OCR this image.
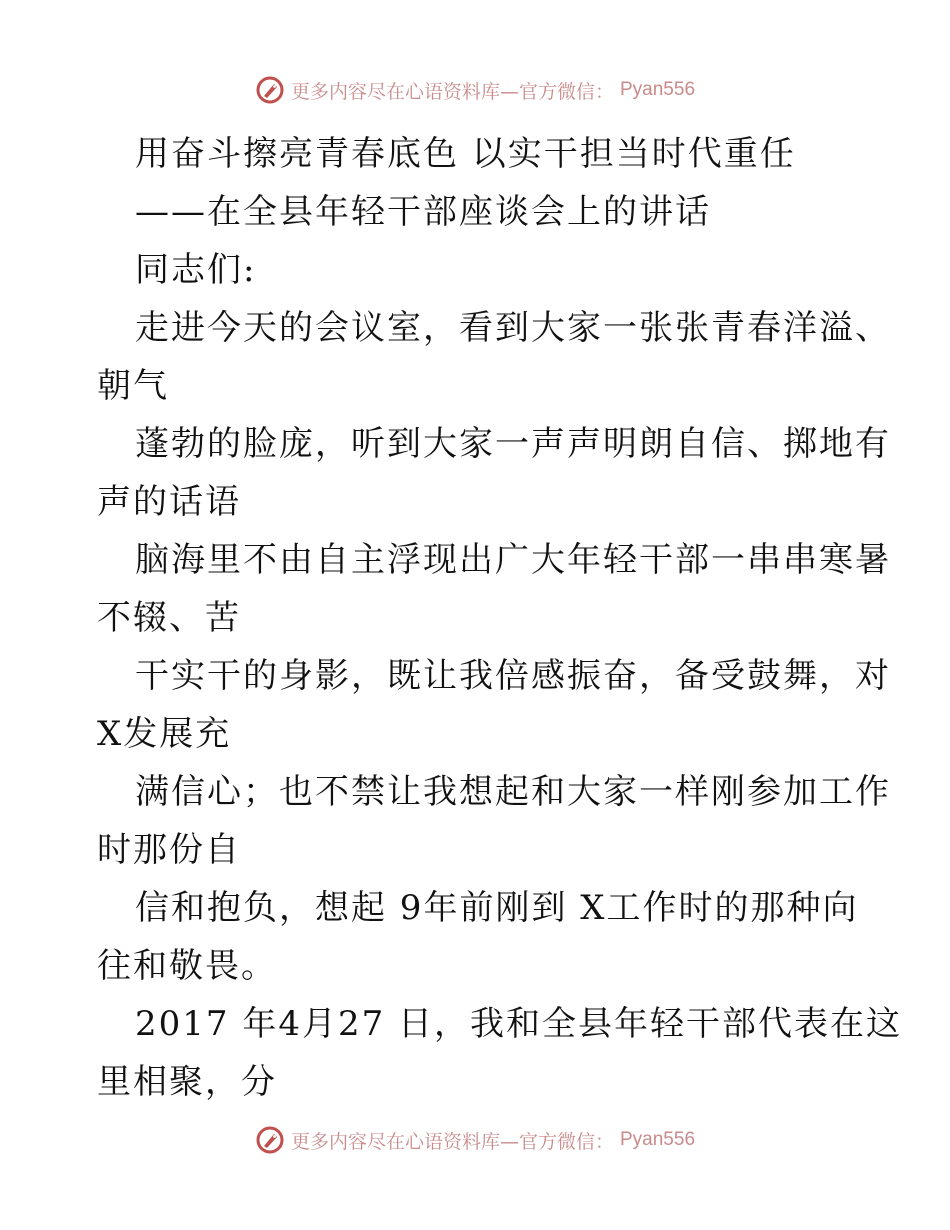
更多内容尽在心语资料库—官方微信： Pyan556
用奋斗擦亮青春底色 以实干担当时代重任
——在全县年轻干部座谈会上的讲话
同志们:
走进今天的会议室，看到大家一张张青春洋溢、
朝气
蓬勃的脸庞，听到大家一声声明朗自信、掷地有
声的话语
脑海里不由自主浮现出广大年轻干部一串串寒暑
不辍、苦
干实干的身影，既让我倍感振奋，备受鼓舞，对
X发展充
满信心；也不禁让我想起和大家一样刚参加工作
时那份自
信和抱负，想起 9年前刚到 X工作时的那种向
往和敬畏。
2017 年4月27 日，我和全县年轻干部代表在这
里相聚，分
更多内容尽在心语资料库—官方微信： Pyan556
